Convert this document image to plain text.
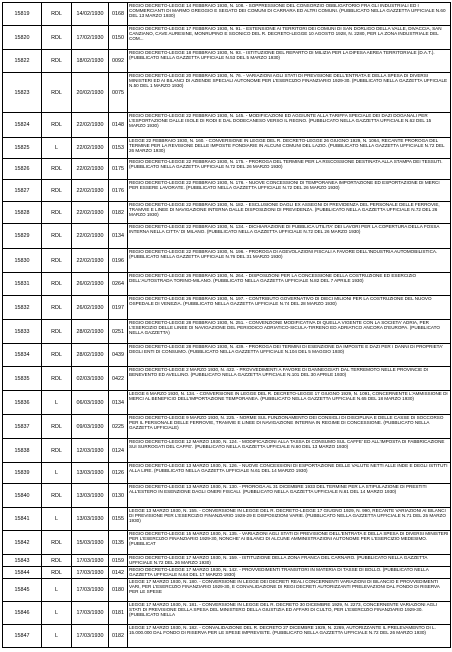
15819	RDL	14/02/1930	0168	REGIO DECRETO-LEGGE 14 FEBBRAIO 1930, N. 108. - SOPPRESSIONE DEL CONSORZIO OBBLIGATORIO FRA GLI INDUSTRIALI ED I COMMERCIANTI DI MARMO GREGGIO E SEGATO DEI COMUNI DI CARRARA ED ALTRI COMUNI. (PUBBLICATO NELLA GAZZETTA UFFICIALE N.60 DEL 13 MARZO 1930)
15820	RDL	17/02/1930	0150	REGIO DECRETO-LEGGE 17 FEBBRAIO 1930, N. 91. - ESTENSIONE AI TERRITORI DEI COMUNI DI SAN DORLIGO DELLA VALLE, DIVACCIA, SAN CANZIANO, CAVE AURESINE, MONRUPINO E SGONICO DEL R. DECRETO-LEGGE 10 AGOSTO 1928, N. 2280, PER LA ZONA INDUSTRIALE DEL COM...
15822	RDL	18/02/1930	0092	REGIO DECRETO-LEGGE 18 FEBBRAIO 1930, N. 93. - ISTITUZIONE DEL REPARTO DI MILIZIA PER LA DIFESA AEREA TERRITORIALE (D.A.T.). (PUBBLICATO NELLA GAZZETTA UFFICIALE N.53 DEL 5 MARZO 1930)
15823	RDL	20/02/1930	0075	REGIO DECRETO-LEGGE 20 FEBBRAIO 1930, N. 76. - VARIAZIONI AGLI STATI DI PREVISIONE DELL'ENTRATA E DELLA SPESA DI DIVERSI MINISTERI ED AI BILANCI DI AZIENDE SPECIALI AUTONOME PER L'ESERCIZIO FINANZIARIO 1929-30. (PUBBLICATO NELLA GAZZETTA UFFICIALE N.50 DEL 1 MARZO 1930)
15824	RDL	22/02/1930	0148	REGIO DECRETO-LEGGE 22 FEBBRAIO 1930, N. 145. - MODIFICAZIONI ED AGGIUNTE ALLA TARIFFA SPECIALE DEI DAZI DOGANALI PER L'ESPORTAZIONE DALLE ISOLE DI RODI E DAL DODECANESO VERSO IL REGNO. (PUBBLICATO NELLA GAZZETTA UFFICIALE N.62 DEL 15 MARZO 1930)
15825	L	22/02/1930	0153	LEGGE 22 FEBBRAIO 1930, N. 160. - CONVERSIONE IN LEGGE DEL R. DECRETO-LEGGE 26 GIUGNO 1929, N. 1064, RECANTE PROROGA DEL TERMINE PER LA REVISIONE DELLE IMPOSTE FONDIARIE IN ALCUNI COMUNI DEL LAZIO. (PUBBLICATO NELLA GAZZETTA UFFICIALE N.72 DEL 26 MARZO 1930)
15826	RDL	22/02/1930	0175	REGIO DECRETO-LEGGE 22 FEBBRAIO 1930, N. 175. - PROROGA DEL TERMINE PER LA RISCOSSIONE DESTINATA ALLA STAMPA DEI TESSUTI. (PUBBLICATO NELLA GAZZETTA UFFICIALE N.72 DEL 26 MARZO 1930)
15827	RDL	22/02/1930	0176	REGIO DECRETO-LEGGE 22 FEBBRAIO 1930, N. 176. - NUOVE CONCESSIONI DI TEMPORANEA IMPORTAZIONE ED ESPORTAZIONE DI MERCI PER ESSERE LAVORATE. (PUBBLICATO NELLA GAZZETTA UFFICIALE N.72 DEL 26 MARZO 1930)
15828	RDL	22/02/1930	0182	REGIO DECRETO-LEGGE 22 FEBBRAIO 1930, N. 182. - ESCLUSIONE DAGLI EX ASSEGNI DI PREVIDENZA DEL PERSONALE DELLE FERROVIE, TRAMVIE E LINEE DI NAVIGAZIONE INTERNA DALLE DISPOSIZIONI DI PREVIDENZA. (PUBBLICATO NELLA GAZZETTA UFFICIALE N.72 DEL 26 MARZO 1930)
15829	RDL	22/02/1930	0134	REGIO DECRETO-LEGGE 22 FEBBRAIO 1930, N. 134. - DICHIARAZIONE DI PUBBLICA UTILITA' DEI LAVORI PER LA COPERTURA DELLA FOSSA INTERNA NELLA CITTA' DI MILANO. (PUBBLICATO NELLA GAZZETTA UFFICIALE N.72 DEL 26 MARZO 1930)
15830	RDL	22/02/1930	0196	REGIO DECRETO-LEGGE 22 FEBBRAIO 1930, N. 196. - PROROGA DI AGEVOLAZIONI FISCALI A FAVORE DELL'INDUSTRIA AUTOMOBILISTICA. (PUBBLICATO NELLA GAZZETTA UFFICIALE N.76 DEL 31 MARZO 1930)
15831	RDL	26/02/1930	0264	REGIO DECRETO-LEGGE 26 FEBBRAIO 1930, N. 264. - DISPOSIZIONI PER LA CONCESSIONE DELLA COSTRUZIONE ED ESERCIZIO DELL'AUTOSTRADA TORINO-MILANO. (PUBBLICATO NELLA GAZZETTA UFFICIALE N.82 DEL 7 APRILE 1930)
15832	RDL	26/02/1930	0197	REGIO DECRETO-LEGGE 26 FEBBRAIO 1930, N. 197. - CONTRIBUTO GOVERNATIVO DI DIECI MILIONI PER LA COSTRUZIONE DEL NUOVO OSPEDALE DI VENEZIA. (PUBBLICATO NELLA GAZZETTA UFFICIALE N.74 DEL 28 MARZO 1930)
15833	RDL	28/02/1930	0251	REGIO DECRETO-LEGGE 28 FEBBRAIO 1930, N. 251. - CONVENZIONE MODIFICATIVA DI QUELLA VIGENTE CON LA SOCIETA' ADRIA, PER L'ESERCIZIO DELLE LINEE DI NAVIGAZIONE DEL PERIODICO ADRIATICO-SICULA-TIRRENO ED ADRIATICO ANCORA D'EUROPA. (PUBBLICATO NELLA GAZZETTA)
15834	RDL	28/02/1930	0439	REGIO DECRETO-LEGGE 28 FEBBRAIO 1930, N. 439. - PROROGA DEI TERMINI DI ESENZIONE DA IMPOSTE E DAZI PER I DANNI DI PROPRIETA' DEGLI ENTI DI CONSUMO. (PUBBLICATO NELLA GAZZETTA UFFICIALE N.104 DEL 5 MAGGIO 1930)
15835	RDL	02/03/1930	0422	REGIO DECRETO-LEGGE 2 MARZO 1930, N. 422. - PROVVEDIMENTI A FAVORE DI DANNEGGIATI DAL TERREMOTO NELLE PROVINCIE DI BENEVENTO ED AVELLINO. (PUBBLICATO NELLA GAZZETTA UFFICIALE N.101 DEL 30 APRILE 1930)
15836	L	06/03/1930	0134	LEGGE 6 MARZO 1930, N. 134. - CONVERSIONE IN LEGGE DEL R. DECRETO-LEGGE 17 GIUGNO 1929, N. 1091, CONCERNENTE L'AMMISSIONE DI MERCI AL BENEFICIO DELL'IMPORTAZIONE TEMPORANEA. (PUBBLICATO NELLA GAZZETTA UFFICIALE N.65 DEL 18 MARZO 1930)
15837	RDL	09/03/1930	0225	REGIO DECRETO-LEGGE 9 MARZO 1930, N. 225. - NORME SUL FUNZIONAMENTO DEI CONSIGLI DI DISCIPLINA E DELLE CASSE DI SOCCORSO PER IL PERSONALE DELLE FERROVIE, TRAMVIE E LINEE DI NAVIGAZIONE INTERNA IN REGIME DI CONCESSIONE. (PUBBLICATO NELLA GAZZETTA UFFICIALE)
15838	RDL	12/03/1930	0124	REGIO DECRETO-LEGGE 12 MARZO 1930, N. 124. - MODIFICAZIONI ALLA TASSA DI CONSUMO SUL CAFFE' ED ALL'IMPOSTA DI FABBRICAZIONE SUI SURROGATI DEL CAFFE'. (PUBBLICATO NELLA GAZZETTA UFFICIALE N.60 DEL 13 MARZO 1930)
15839	L	13/03/1930	0126	REGIO DECRETO-LEGGE 13 MARZO 1930, N. 126. - NUOVE CONCESSIONI DI ESPORTAZIONE DELLE VALUTE NETTI ALLE INDE E DEGLI ISTITUTI ALLA LIRE. (PUBBLICATO NELLA GAZZETTA UFFICIALE N.61 DEL 14 MARZO 1930)
15840	RDL	13/03/1930	0130	REGIO DECRETO-LEGGE 13 MARZO 1930, N. 130. - PROROGA AL 31 DICEMBRE 1933 DEL TERMINE PER LA STIPULAZIONE DI PRESTITI ALL'ESTERO IN ESENZIONE DAGLI ONERI FISCALI. (PUBBLICATO NELLA GAZZETTA UFFICIALE N.61 DEL 14 MARZO 1930)
15841	L	13/03/1930	0155	LEGGE 13 MARZO 1930, N. 155. - CONVERSIONE IN LEGGE DEL R. DECRETO-LEGGE 17 GIUGNO 1929, N. 990, RECANTE VARIAZIONI AI BILANCI DI PREVISIONE PER L'ESERCIZIO FINANZIARIO 1928-29 E DISPOSIZIONI VARIE. (PUBBLICATO NELLA GAZZETTA UFFICIALE N.71 DEL 25 MARZO 1930)
15842	RDL	15/03/1930	0135	REGIO DECRETO-LEGGE 15 MARZO 1930, N. 135. - VARIAZIONI AGLI STATI DI PREVISIONE DELL'ENTRATA E DELLA SPESA DI DIVERSI MINISTERI PER L'ESERCIZIO FINANZIARIO 1929-30, NONCHE' AI BILANCI DI ALCUNE AMMINISTRAZIONI AUTONOME PER L'ESERCIZIO MEDESIMO. (PUBBLICAT
15843	RDL	17/03/1930	0159	REGIO DECRETO-LEGGE 17 MARZO 1930, N. 159. - ISTITUZIONE DELLA ZONA FRANCA DEL CARNARO. (PUBBLICATO NELLA GAZZETTA UFFICIALE N.72 DEL 26 MARZO 1930)
15844	RDL	17/03/1930	0142	REGIO DECRETO-LEGGE 17 MARZO 1930, N. 142. - PROVVEDIMENTI TRANSITORI IN MATERIA DI TASSE DI BOLLO. (PUBBLICATO NELLA GAZZETTA UFFICIALE N.64 DEL 17 MARZO 1930)
15845	L	17/03/1930	0180	LEGGE 17 MARZO 1930, N. 180. - CONVERSIONE IN LEGGE DEI DECRETI REALI CONCERNENTI VARIAZIONI DI BILANCIO E PROVVEDIMENTI VARI, PER L'ESERCIZIO FINANZIARIO 1929-30, E CONVALIDAZIONE DI REGI DECRETI AUTORIZZANTI PRELEVAZIONI DAL FONDO DI RISERVA PER LE SPESE
15846	L	17/03/1930	0181	LEGGE 17 MARZO 1930, N. 181. - CONVERSIONE IN LEGGE DEL R. DECRETO 30 DICEMBRE 1929, N. 2273, CONCERNENTE VARIAZIONI AGLI STATI DI PREVISIONE DELLA SPESA DEL MINISTERO DELLA GIUSTIZIA ED AFFARI DI CULTO, PER L'ESERCIZIO FINANZIARIO 1929-30. (PUBBLICATO NELLA
15847	L	17/03/1930	0182	LEGGE 17 MARZO 1930, N. 182. - CONVALIDAZIONE DEL R. DECRETO 27 DICEMBRE 1929, N. 2269, AUTORIZZANTE IL PRELEVAMENTO DI L. 15.000.000 DAL FONDO DI RISERVA PER LE SPESE IMPREVISTE. (PUBBLICATO NELLA GAZZETTA UFFICIALE N.72 DEL 26 MARZO 1930)
